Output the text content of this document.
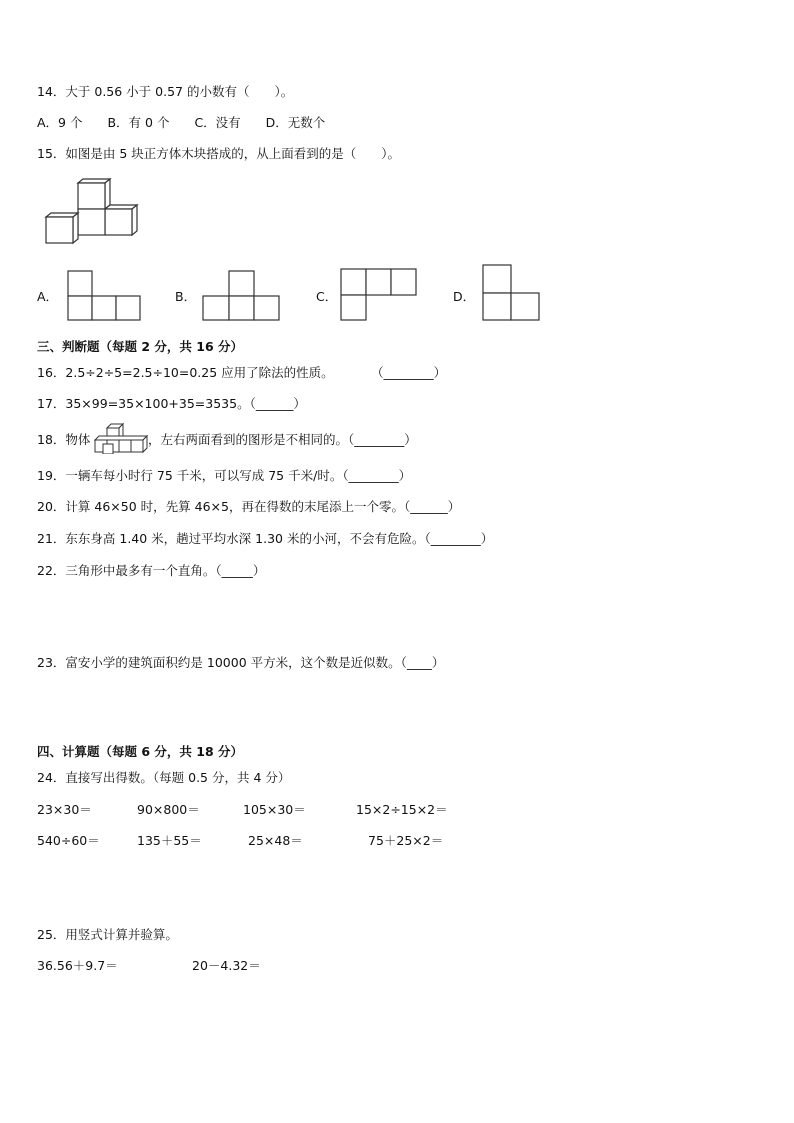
14．大于 0.56 小于 0.57 的小数有（　　）。
A．9 个　　B．有 0 个　　C．没有　　D．无数个
15．如图是由 5 块正方体木块搭成的，从上面看到的是（　　）。
A．	B．	C．	D．
三、判断题（每题 2 分，共 16 分）
16．2.5÷2÷5=2.5÷10=0.25 应用了除法的性质。　　　　（________）
17．35×99=35×100+35=3535。（______）
18．物体	，左右两面看到的图形是不相同的。（________）
19．一辆车每小时行 75 千米，可以写成 75 千米/时。（________）
20．计算 46×50 时，先算 46×5，再在得数的末尾添上一个零。（______）
21．东东身高 1.40 米，趟过平均水深 1.30 米的小河，不会有危险。（________）
22．三角形中最多有一个直角。（_____）
23．富安小学的建筑面积约是 10000 平方米，这个数是近似数。（____）
四、计算题（每题 6 分，共 18 分）
24．直接写出得数。（每题 0.5 分，共 4 分）
23×30＝	90×800＝	105×30＝	15×2÷15×2＝
540÷60＝	135＋55＝	25×48＝	75＋25×2＝
25．用竖式计算并验算。
36.56＋9.7＝	20－4.32＝
